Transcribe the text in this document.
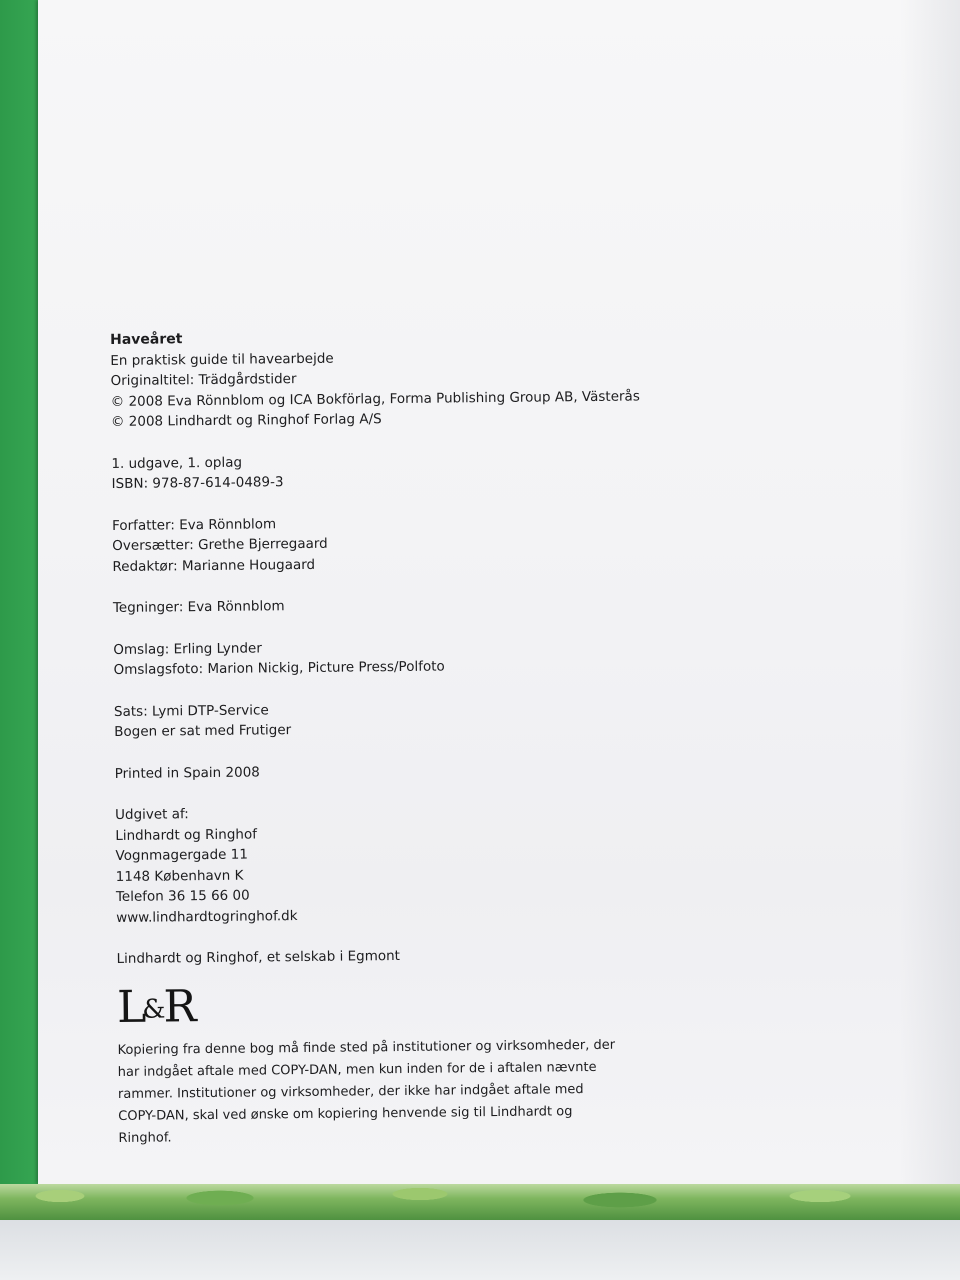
Haveåret
En praktisk guide til havearbejde
Originaltitel: Trädgårdstider
© 2008 Eva Rönnblom og ICA Bokförlag, Forma Publishing Group AB, Västerås
© 2008 Lindhardt og Ringhof Forlag A/S
1. udgave, 1. oplag
ISBN: 978-87-614-0489-3
Forfatter: Eva Rönnblom
Oversætter: Grethe Bjerregaard
Redaktør: Marianne Hougaard
Tegninger: Eva Rönnblom
Omslag: Erling Lynder
Omslagsfoto: Marion Nickig, Picture Press/Polfoto
Sats: Lymi DTP-Service
Bogen er sat med Frutiger
Printed in Spain 2008
Udgivet af:
Lindhardt og Ringhof
Vognmagergade 11
1148 København K
Telefon 36 15 66 00
www.lindhardtogringhof.dk
Lindhardt og Ringhof, et selskab i Egmont
L&R
Kopiering fra denne bog må finde sted på institutioner og virksomheder, der har indgået aftale med COPY-DAN, men kun inden for de i aftalen nævnte rammer. Institutioner og virksomheder, der ikke har indgået aftale med COPY-DAN, skal ved ønske om kopiering henvende sig til Lindhardt og Ringhof.
